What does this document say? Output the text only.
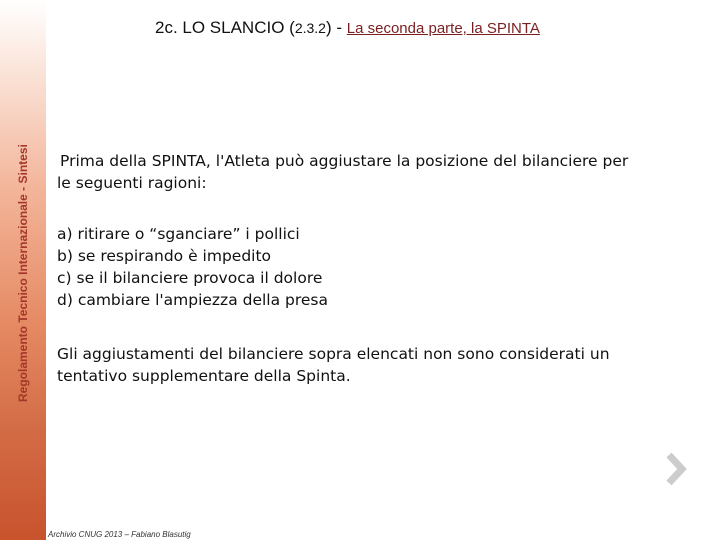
Regolamento Tecnico Internazionale - Sintesi
2c. LO SLANCIO (2.3.2) - La seconda parte, la SPINTA
Prima della SPINTA, l'Atleta può aggiustare la posizione del bilanciere per
le seguenti ragioni:
a) ritirare o “sganciare” i pollici
b) se respirando è impedito
c) se il bilanciere provoca il dolore
d) cambiare l'ampiezza della presa
Gli aggiustamenti del bilanciere sopra elencati non sono considerati un
tentativo supplementare della Spinta.
Archivio CNUG 2013 – Fabiano Blasutig
